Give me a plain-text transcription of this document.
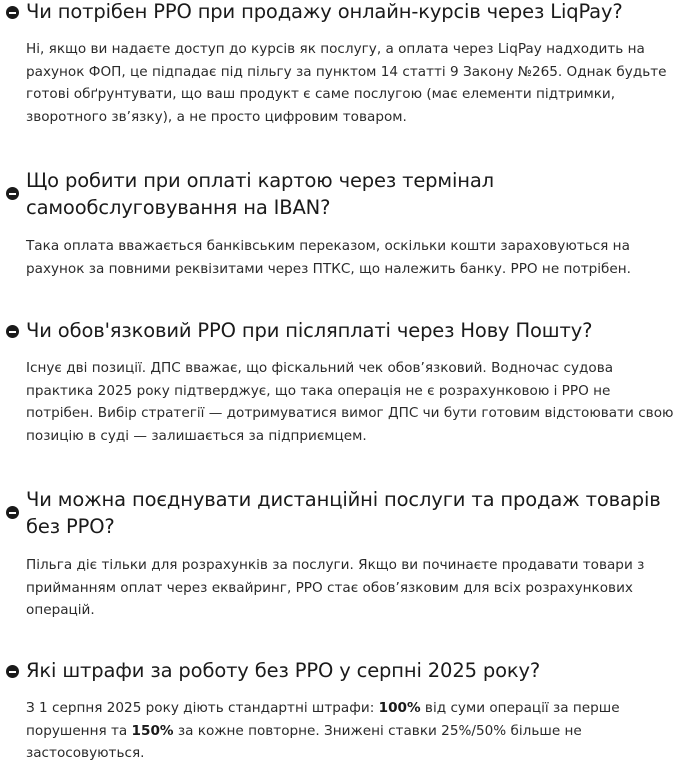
Чи потрібен РРО при продажу онлайн-курсів через LiqPay?

Ні, якщо ви надаєте доступ до курсів як послугу, а оплата через LiqPay надходить на рахунок ФОП, це підпадає під пільгу за пунктом 14 статті 9 Закону №265. Однак будьте готові обґрунтувати, що ваш продукт є саме послугою (має елементи підтримки, зворотного зв’язку), а не просто цифровим товаром.

Що робити при оплаті картою через термінал самообслуговування на IBAN?

Така оплата вважається банківським переказом, оскільки кошти зараховуються на рахунок за повними реквізитами через ПТКС, що належить банку. РРО не потрібен.

Чи обов'язковий РРО при післяплаті через Нову Пошту?

Існує дві позиції. ДПС вважає, що фіскальний чек обов’язковий. Водночас судова практика 2025 року підтверджує, що така операція не є розрахунковою і РРО не потрібен. Вибір стратегії — дотримуватися вимог ДПС чи бути готовим відстоювати свою позицію в суді — залишається за підприємцем.

Чи можна поєднувати дистанційні послуги та продаж товарів без РРО?

Пільга діє тільки для розрахунків за послуги. Якщо ви починаєте продавати товари з прийманням оплат через еквайринг, РРО стає обов’язковим для всіх розрахункових операцій.

Які штрафи за роботу без РРО у серпні 2025 року?

З 1 серпня 2025 року діють стандартні штрафи: 100% від суми операції за перше порушення та 150% за кожне повторне. Знижені ставки 25%/50% більше не застосовуються.
